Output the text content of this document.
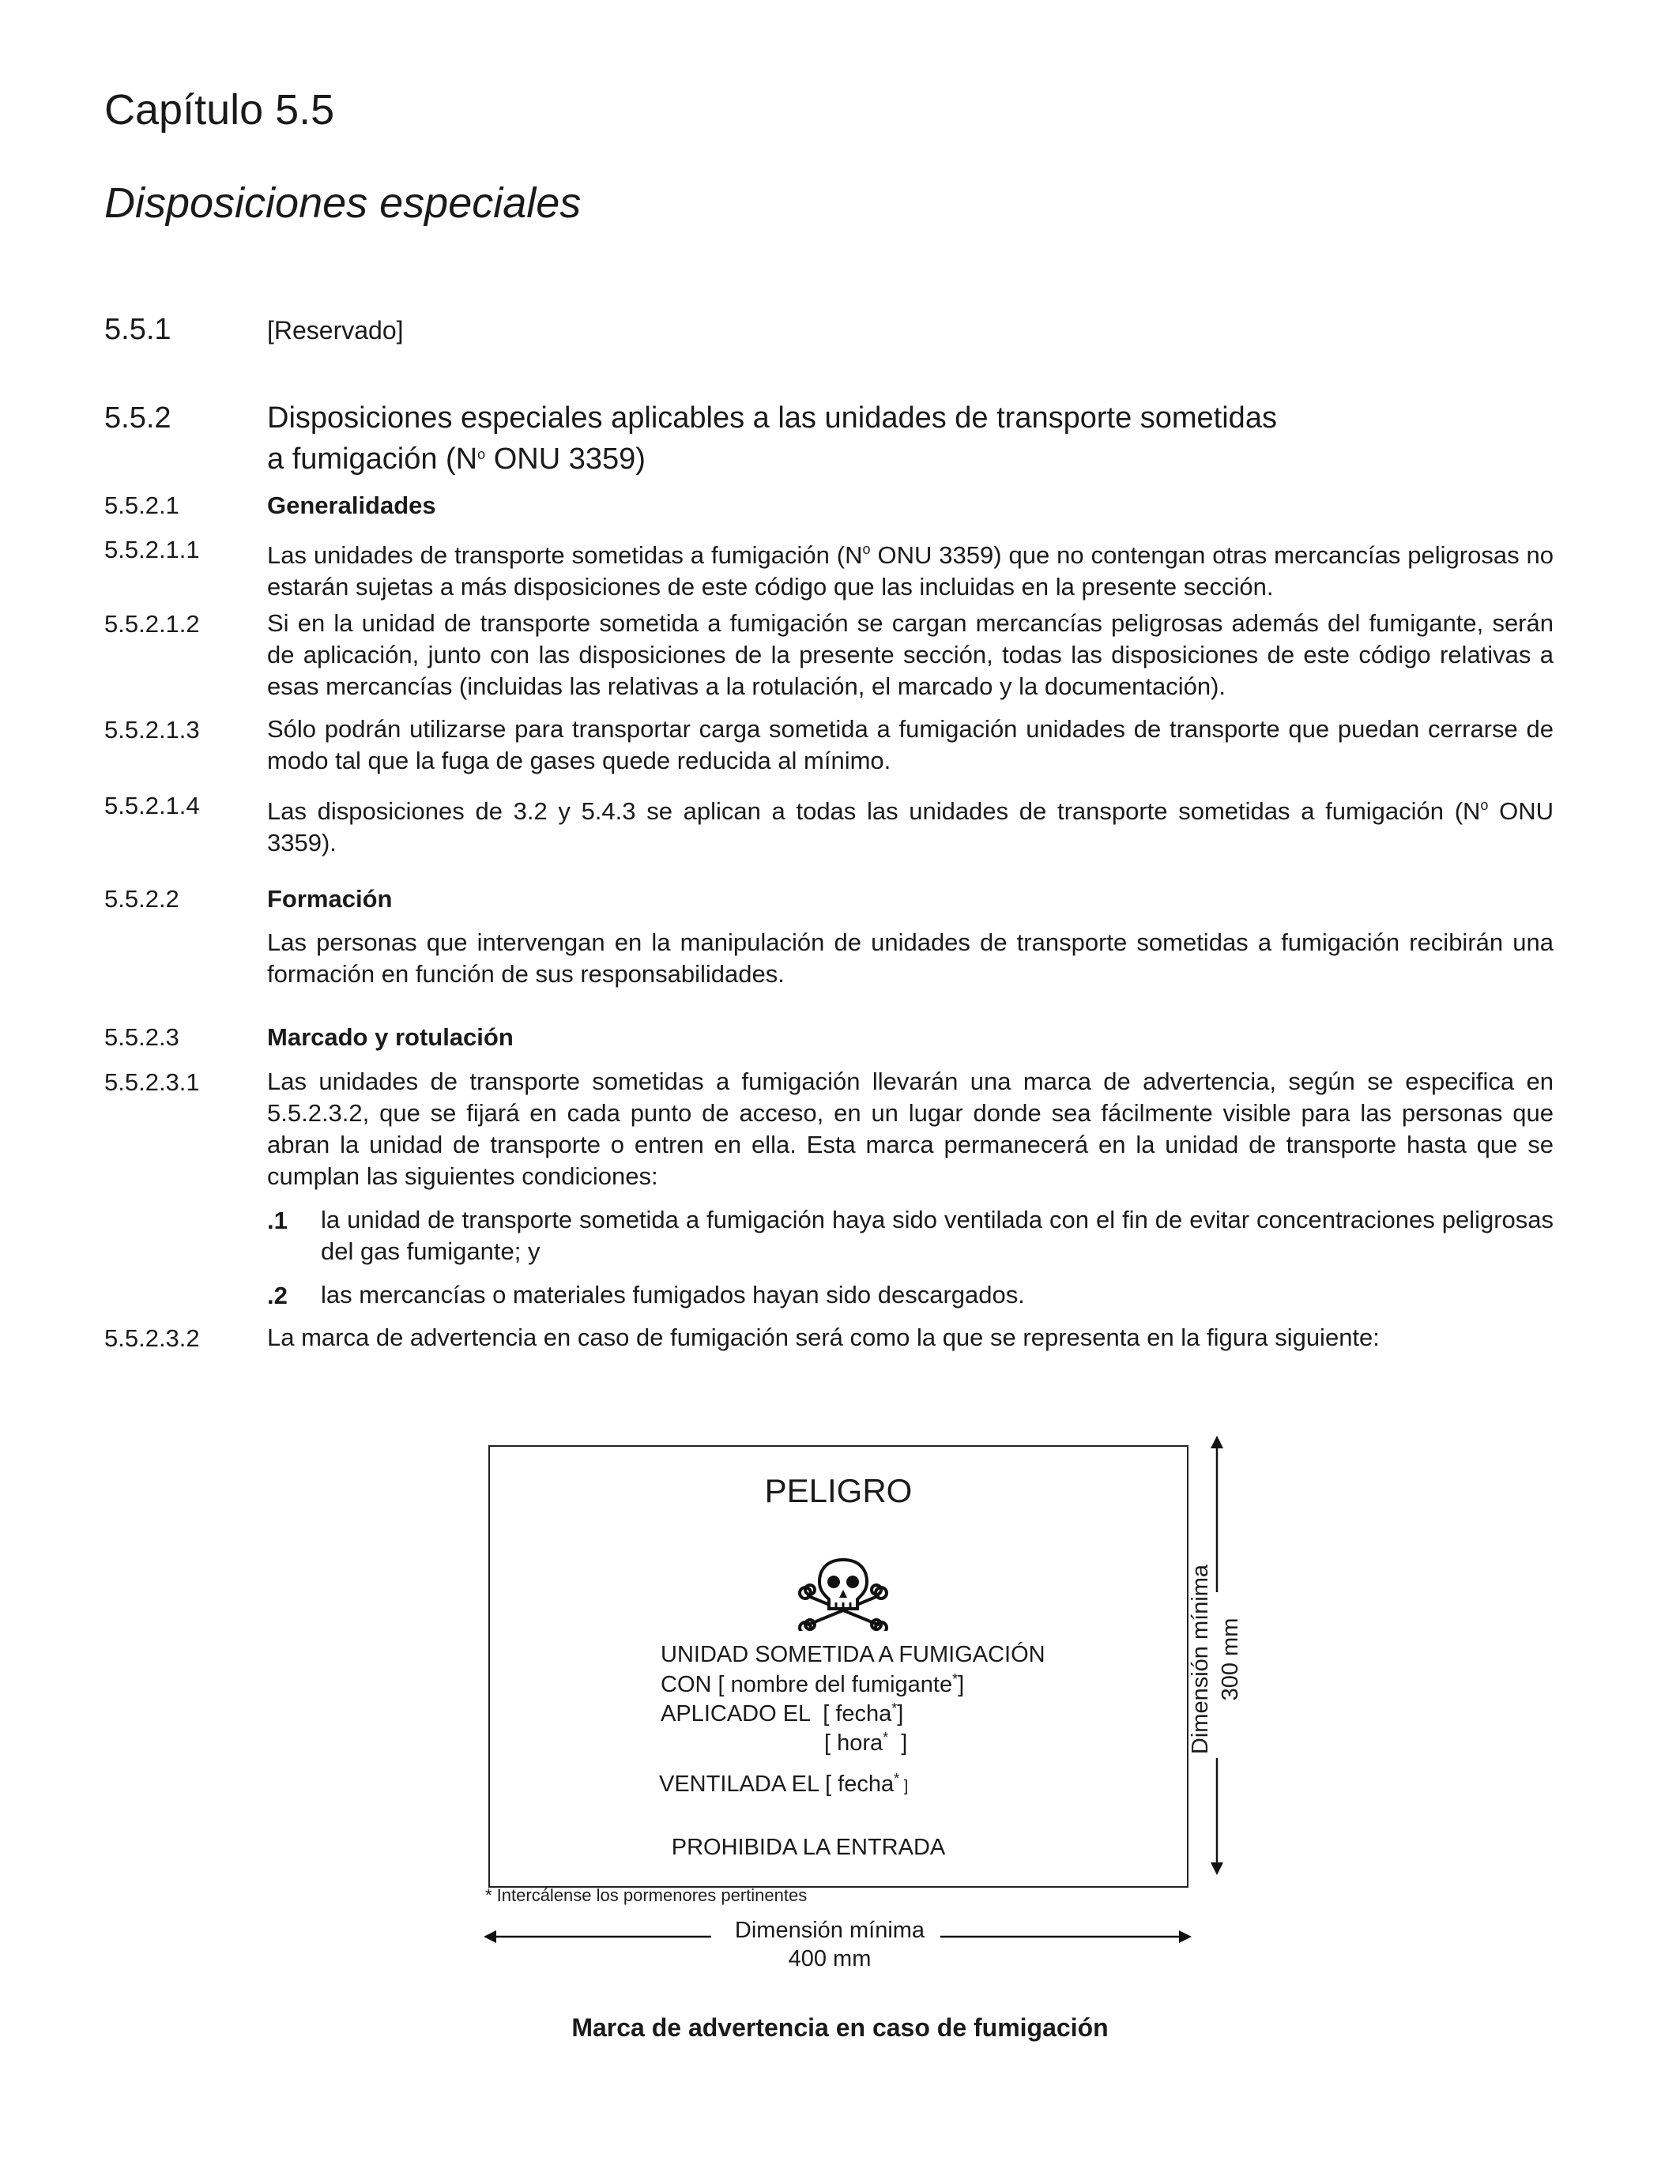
Capítulo 5.5
Disposiciones especiales
5.5.1	[Reservado]
5.5.2	Disposiciones especiales aplicables a las unidades de transporte sometidas
a fumigación ($N^o$ ONU 3359)
5.5.2.1	Generalidades
5.5.2.1.1	Las unidades de transporte sometidas a fumigación ($N^o$ ONU 3359) que no contengan otras mercancías peligrosas no estarán sujetas a más disposiciones de este código que las incluidas en la presente sección.
5.5.2.1.2	Si en la unidad de transporte sometida a fumigación se cargan mercancías peligrosas además del fumigante, serán de aplicación, junto con las disposiciones de la presente sección, todas las disposiciones de este código relativas a esas mercancías (incluidas las relativas a la rotulación, el marcado y la documentación).
5.5.2.1.3	Sólo podrán utilizarse para transportar carga sometida a fumigación unidades de transporte que puedan cerrarse de modo tal que la fuga de gases quede reducida al mínimo.
5.5.2.1.4	Las disposiciones de 3.2 y 5.4.3 se aplican a todas las unidades de transporte sometidas a fumigación ($N^o$ ONU 3359).
5.5.2.2	Formación
Las personas que intervengan en la manipulación de unidades de transporte sometidas a fumigación recibirán una formación en función de sus responsabilidades.
5.5.2.3	Marcado y rotulación
5.5.2.3.1	Las unidades de transporte sometidas a fumigación llevarán una marca de advertencia, según se especifica en 5.5.2.3.2, que se fijará en cada punto de acceso, en un lugar donde sea fácilmente visible para las personas que abran la unidad de transporte o entren en ella. Esta marca permanecerá en la unidad de transporte hasta que se cumplan las siguientes condiciones:
.1 la unidad de transporte sometida a fumigación haya sido ventilada con el fin de evitar concentraciones peligrosas del gas fumigante; y
.2 las mercancías o materiales fumigados hayan sido descargados.
5.5.2.3.2	La marca de advertencia en caso de fumigación será como la que se representa en la figura siguiente:
PELIGRO
UNIDAD SOMETIDA A FUMIGACIÓN
CON [ nombre del fumigante*]
APLICADO EL  [ fecha*]
[ hora*  ]
VENTILADA EL [ fecha* ]
PROHIBIDA LA ENTRADA
* Intercálense los pormenores pertinentes
Dimensión mínima 300 mm
Dimensión mínima
400 mm
Marca de advertencia en caso de fumigación
